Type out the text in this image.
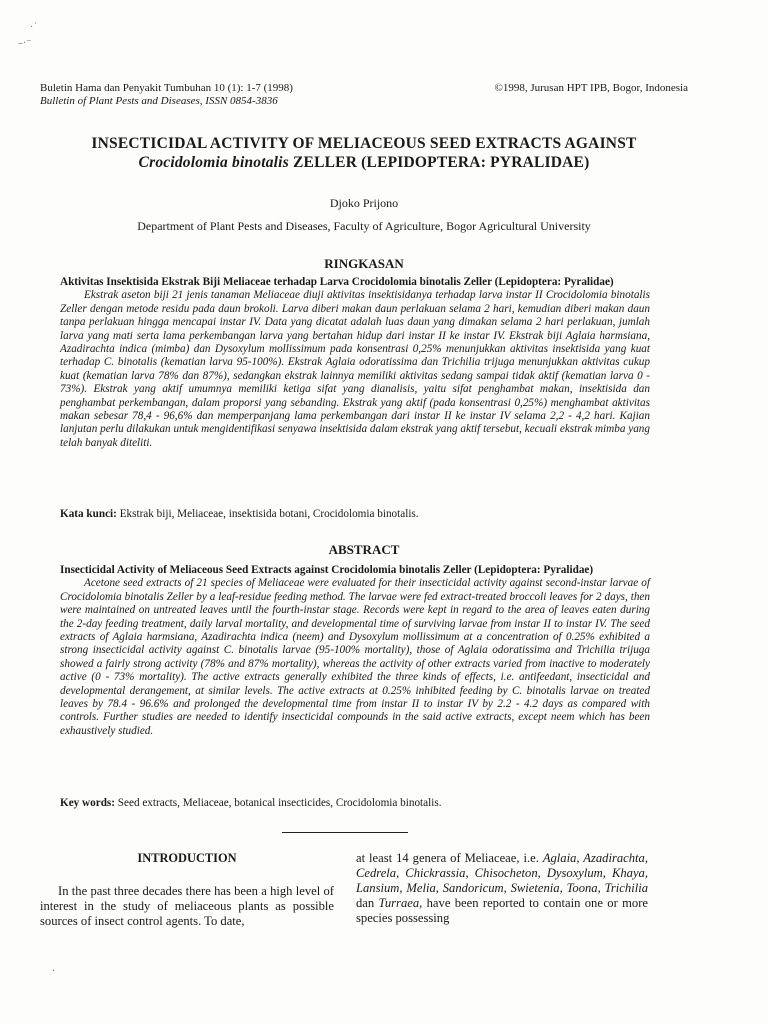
·˙
–·⁻
Buletin Hama dan Penyakit Tumbuhan 10 (1): 1-7 (1998)
Bulletin of Plant Pests and Diseases, ISSN 0854-3836
©1998, Jurusan HPT IPB, Bogor, Indonesia
INSECTICIDAL ACTIVITY OF MELIACEOUS SEED EXTRACTS AGAINST
Crocidolomia binotalis ZELLER (LEPIDOPTERA: PYRALIDAE)
Djoko Prijono
Department of Plant Pests and Diseases, Faculty of Agriculture, Bogor Agricultural University
RINGKASAN
Aktivitas Insektisida Ekstrak Biji Meliaceae terhadap Larva Crocidolomia binotalis Zeller (Lepidoptera: Pyralidae)
Ekstrak aseton biji 21 jenis tanaman Meliaceae diuji aktivitas insektisidanya terhadap larva instar II Crocidolomia binotalis Zeller dengan metode residu pada daun brokoli. Larva diberi makan daun perlakuan selama 2 hari, kemudian diberi makan daun tanpa perlakuan hingga mencapai instar IV. Data yang dicatat adalah luas daun yang dimakan selama 2 hari perlakuan, jumlah larva yang mati serta lama perkembangan larva yang bertahan hidup dari instar II ke instar IV. Ekstrak biji Aglaia harmsiana, Azadirachta indica (mimba) dan Dysoxylum mollissimum pada konsentrasi 0,25% menunjukkan aktivitas insektisida yang kuat terhadap C. binotalis (kematian larva 95-100%). Ekstrak Aglaia odoratissima dan Trichilia trijuga menunjukkan aktivitas cukup kuat (kematian larva 78% dan 87%), sedangkan ekstrak lainnya memiliki aktivitas sedang sampai tidak aktif (kematian larva 0 - 73%). Ekstrak yang aktif umumnya memiliki ketiga sifat yang dianalisis, yaitu sifat penghambat makan, insektisida dan penghambat perkembangan, dalam proporsi yang sebanding. Ekstrak yang aktif (pada konsentrasi 0,25%) menghambat aktivitas makan sebesar 78,4 - 96,6% dan memperpanjang lama perkembangan dari instar II ke instar IV selama 2,2 - 4,2 hari. Kajian lanjutan perlu dilakukan untuk mengidentifikasi senyawa insektisida dalam ekstrak yang aktif tersebut, kecuali ekstrak mimba yang telah banyak diteliti.
Kata kunci: Ekstrak biji, Meliaceae, insektisida botani, Crocidolomia binotalis.
ABSTRACT
Insecticidal Activity of Meliaceous Seed Extracts against Crocidolomia binotalis Zeller (Lepidoptera: Pyralidae)
Acetone seed extracts of 21 species of Meliaceae were evaluated for their insecticidal activity against second-instar larvae of Crocidolomia binotalis Zeller by a leaf-residue feeding method. The larvae were fed extract-treated broccoli leaves for 2 days, then were maintained on untreated leaves until the fourth-instar stage. Records were kept in regard to the area of leaves eaten during the 2-day feeding treatment, daily larval mortality, and developmental time of surviving larvae from instar II to instar IV. The seed extracts of Aglaia harmsiana, Azadirachta indica (neem) and Dysoxylum mollissimum at a concentration of 0.25% exhibited a strong insecticidal activity against C. binotalis larvae (95-100% mortality), those of Aglaia odoratissima and Trichilia trijuga showed a fairly strong activity (78% and 87% mortality), whereas the activity of other extracts varied from inactive to moderately active (0 - 73% mortality). The active extracts generally exhibited the three kinds of effects, i.e. antifeedant, insecticidal and developmental derangement, at similar levels. The active extracts at 0.25% inhibited feeding by C. binotalis larvae on treated leaves by 78.4 - 96.6% and prolonged the developmental time from instar II to instar IV by 2.2 - 4.2 days as compared with controls. Further studies are needed to identify insecticidal compounds in the said active extracts, except neem which has been exhaustively studied.
Key words: Seed extracts, Meliaceae, botanical insecticides, Crocidolomia binotalis.
INTRODUCTION

In the past three decades there has been a high level of interest in the study of meliaceous plants as possible sources of insect control agents. To date,

at least 14 genera of Meliaceae, i.e. Aglaia, Azadirachta, Cedrela, Chickrassia, Chisocheton, Dysoxylum, Khaya, Lansium, Melia, Sandoricum, Swietenia, Toona, Trichilia dan Turraea, have been reported to contain one or more species possessing

·
